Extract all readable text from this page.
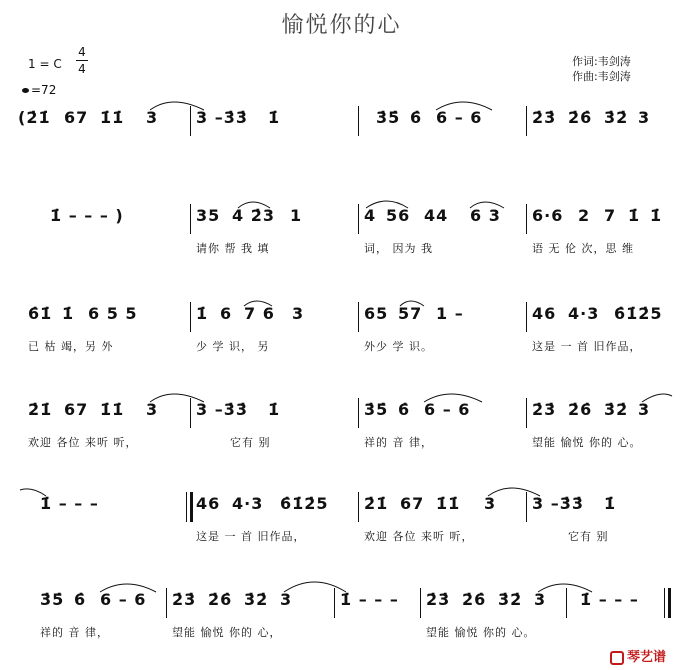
愉悦你的心
作词:韦剑涛
作曲:韦剑涛
1 = C
4
4
=72
(2̇1̇ 67 1̇1̇ 3 3 –3̇3̇ 1̇	3̇5̇ 6̇ 6 – 6	2̇3̇ 2̇6̇ 3̇2̇ 3
1̇ – – – )	35 4 2̇3 1	4 56 44 6 3 6·6 2 7 1̇ 1̇
请你 帮 我 填	词， 因为 我	语 无 伦 次，思 维
6̇1̇ 1̇ 6 5 5	1̇ 6 7 6 3	65 57 1 –	46 4·3 6̇1̇2̇5
已 枯 竭，另 外	少 学 识， 另	外少 学 识。	这是 一 首 旧作品，
2̇1̇ 67 1̇1̇ 3 3 –3̇3̇ 1̇	3̇5̇ 6̇ 6 – 6	2̇3̇ 2̇6̇ 3̇2̇ 3
欢迎 各位 来听 听，	它有 别	祥的 音 律，	望能 愉悦 你的 心。
1̇ – – –	46 4·3 6̇1̇2̇5 2̇1̇ 67 1̇1̇ 3 3 –3̇3̇ 1̇
这是 一 首 旧作品，	欢迎 各位 来听 听，	它有 别
3̇5̇ 6̇ 6 – 6 2̇3̇ 2̇6̇ 3̇2̇ 3	1̇ – – – 2̇3̇ 2̇6̇ 3̇2̇ 3 1̇ – – –
祥的 音 律，	望能 愉悦 你的 心，	望能 愉悦 你的 心。
琴艺谱
